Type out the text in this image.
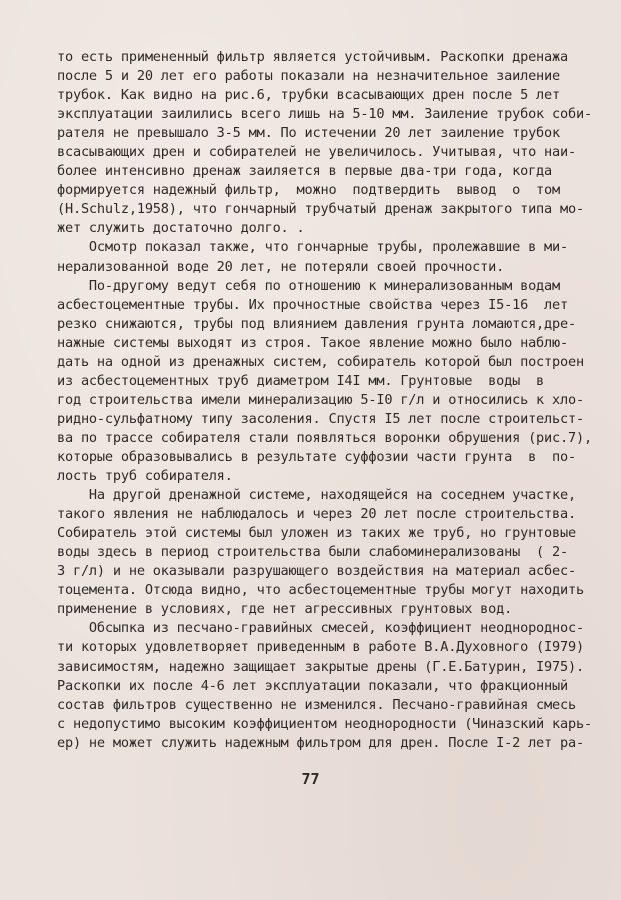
то есть примененный фильтр является устойчивым. Раскопки дренажа
после 5 и 20 лет его работы показали на незначительное заиление
трубок. Как видно на рис.6, трубки всасывающих дрен после 5 лет
эксплуатации заилились всего лишь на 5-10 мм. Заиление трубок соби-
рателя не превышало 3-5 мм. По истечении 20 лет заиление трубок
всасывающих дрен и собирателей не увеличилось. Учитывая, что наи-
более интенсивно дренаж заиляется в первые два-три года, когда
формируется надежный фильтр,  можно  подтвердить  вывод  о  том
(H.Schulz,1958), что гончарный трубчатый дренаж закрытого типа мо-
жет служить достаточно долго. .
Осмотр показал также, что гончарные трубы, пролежавшие в ми-
нерализованной воде 20 лет, не потеряли своей прочности.
По-другому ведут себя по отношению к минерализованным водам
асбестоцементные трубы. Их прочностные свойства через I5-16  лет
резко снижаются, трубы под влиянием давления грунта ломаются,дре-
нажные системы выходят из строя. Такое явление можно было наблю-
дать на одной из дренажных систем, собиратель которой был построен
из асбестоцементных труб диаметром I4I мм. Грунтовые  воды  в
год строительства имели минерализацию 5-I0 г/л и относились к хло-
ридно-сульфатному типу засоления. Спустя I5 лет после строительст-
ва по трассе собирателя стали появляться воронки обрушения (рис.7),
которые образовывались в результате суффозии части грунта  в  по-
лость труб собирателя.
На другой дренажной системе, находящейся на соседнем участке,
такого явления не наблюдалось и через 20 лет после строительства.
Собиратель этой системы был уложен из таких же труб, но грунтовые
воды здесь в период строительства были слабоминерализованы  ( 2-
3 г/л) и не оказывали разрушающего воздействия на материал асбес-
тоцемента. Отсюда видно, что асбестоцементные трубы могут находить
применение в условиях, где нет агрессивных грунтовых вод.
Обсыпка из песчано-гравийных смесей, коэффициент неоднороднос-
ти которых удовлетворяет приведенным в работе В.А.Духовного (I979)
зависимостям, надежно защищает закрытые дрены (Г.Е.Батурин, I975).
Раскопки их после 4-6 лет эксплуатации показали, что фракционный
состав фильтров существенно не изменился. Песчано-гравийная смесь
с недопустимо высоким коэффициентом неоднородности (Чиназский карь-
ер) не может служить надежным фильтром для дрен. После I-2 лет ра-
77
